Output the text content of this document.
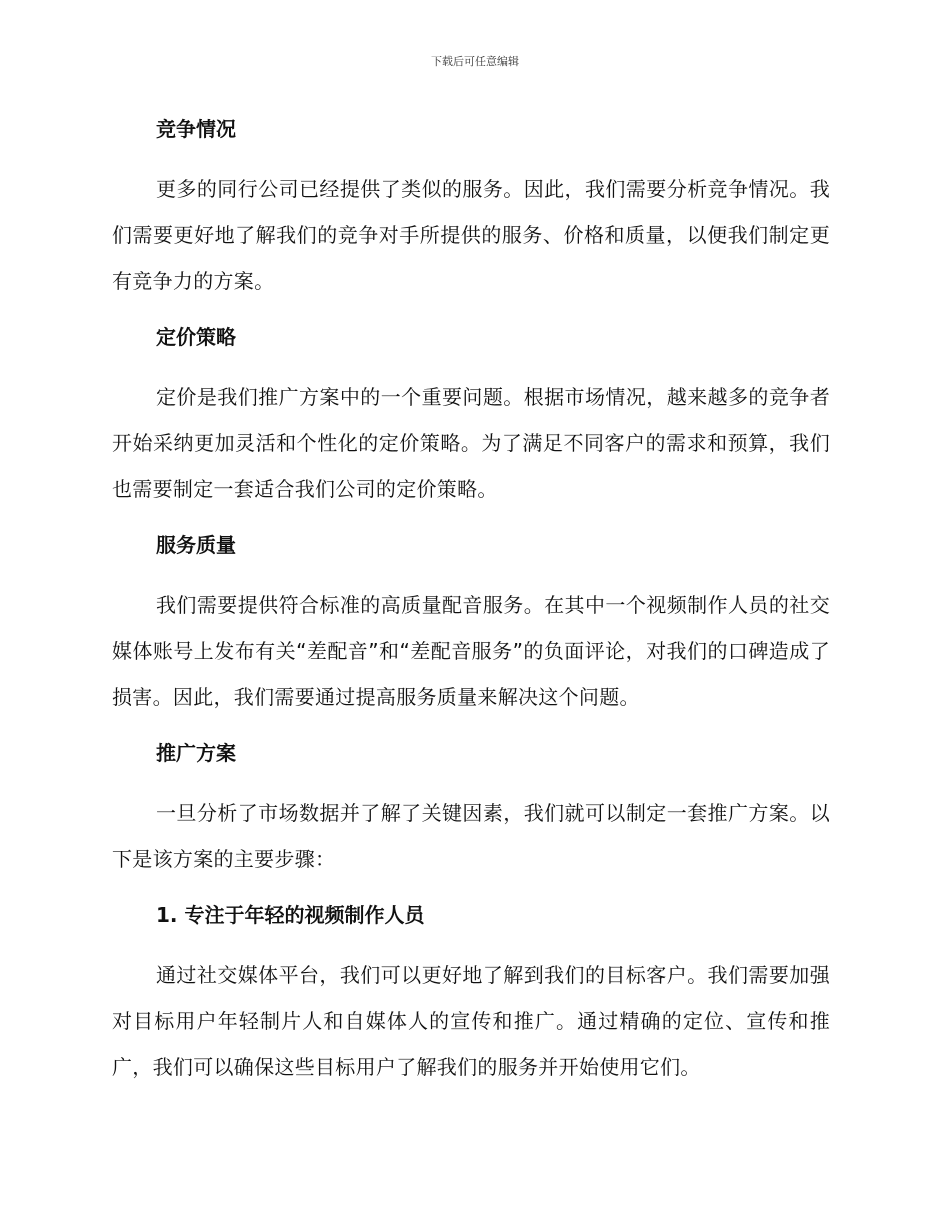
下载后可任意编辑
竞争情况
更多的同行公司已经提供了类似的服务。因此，我们需要分析竞争情况。我们需要更好地了解我们的竞争对手所提供的服务、价格和质量，以便我们制定更有竞争力的方案。
定价策略
定价是我们推广方案中的一个重要问题。根据市场情况，越来越多的竞争者开始采纳更加灵活和个性化的定价策略。为了满足不同客户的需求和预算，我们也需要制定一套适合我们公司的定价策略。
服务质量
我们需要提供符合标准的高质量配音服务。在其中一个视频制作人员的社交媒体账号上发布有关“差配音”和“差配音服务”的负面评论，对我们的口碑造成了损害。因此，我们需要通过提高服务质量来解决这个问题。
推广方案
一旦分析了市场数据并了解了关键因素，我们就可以制定一套推广方案。以下是该方案的主要步骤：
1. 专注于年轻的视频制作人员
通过社交媒体平台，我们可以更好地了解到我们的目标客户。我们需要加强对目标用户年轻制片人和自媒体人的宣传和推广。通过精确的定位、宣传和推广，我们可以确保这些目标用户了解我们的服务并开始使用它们。
